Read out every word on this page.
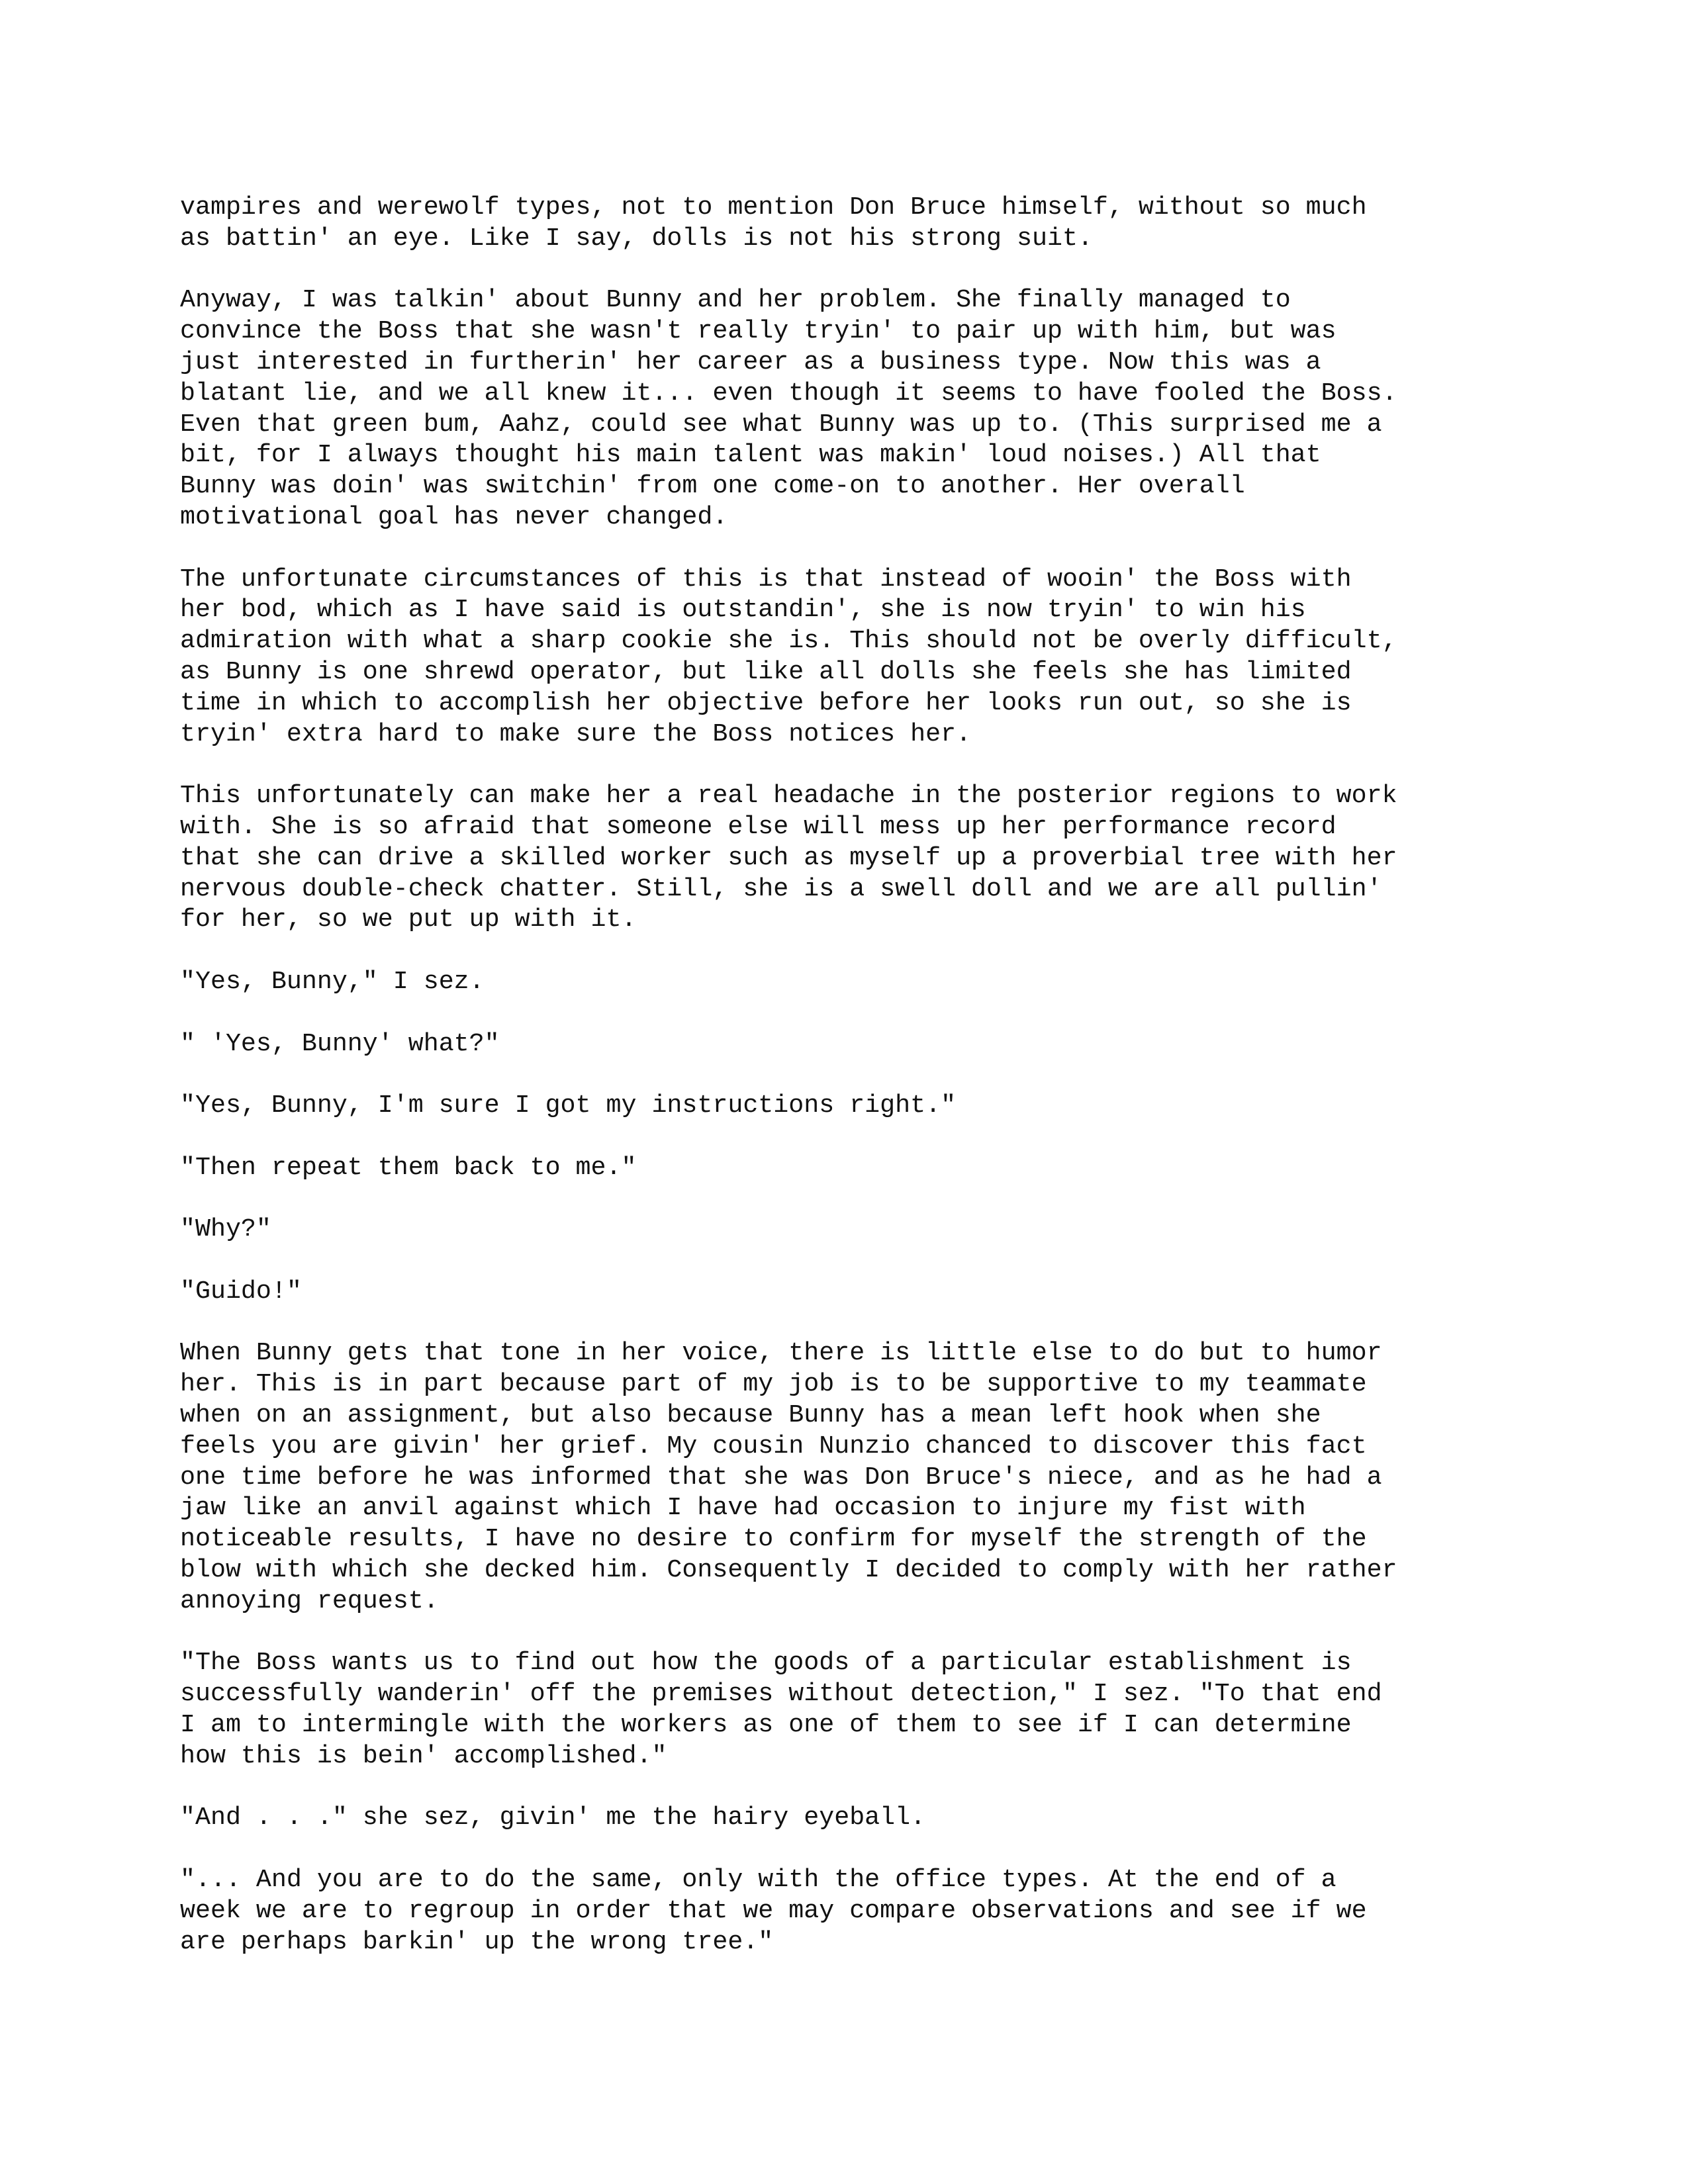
vampires and werewolf types, not to mention Don Bruce himself, without so much
as battin' an eye. Like I say, dolls is not his strong suit.

Anyway, I was talkin' about Bunny and her problem. She finally managed to
convince the Boss that she wasn't really tryin' to pair up with him, but was
just interested in furtherin' her career as a business type. Now this was a
blatant lie, and we all knew it... even though it seems to have fooled the Boss.
Even that green bum, Aahz, could see what Bunny was up to. (This surprised me a
bit, for I always thought his main talent was makin' loud noises.) All that
Bunny was doin' was switchin' from one come-on to another. Her overall
motivational goal has never changed.

The unfortunate circumstances of this is that instead of wooin' the Boss with
her bod, which as I have said is outstandin', she is now tryin' to win his
admiration with what a sharp cookie she is. This should not be overly difficult,
as Bunny is one shrewd operator, but like all dolls she feels she has limited
time in which to accomplish her objective before her looks run out, so she is
tryin' extra hard to make sure the Boss notices her.

This unfortunately can make her a real headache in the posterior regions to work
with. She is so afraid that someone else will mess up her performance record
that she can drive a skilled worker such as myself up a proverbial tree with her
nervous double-check chatter. Still, she is a swell doll and we are all pullin'
for her, so we put up with it.

"Yes, Bunny," I sez.

" 'Yes, Bunny' what?"

"Yes, Bunny, I'm sure I got my instructions right."

"Then repeat them back to me."

"Why?"

"Guido!"

When Bunny gets that tone in her voice, there is little else to do but to humor
her. This is in part because part of my job is to be supportive to my teammate
when on an assignment, but also because Bunny has a mean left hook when she
feels you are givin' her grief. My cousin Nunzio chanced to discover this fact
one time before he was informed that she was Don Bruce's niece, and as he had a
jaw like an anvil against which I have had occasion to injure my fist with
noticeable results, I have no desire to confirm for myself the strength of the
blow with which she decked him. Consequently I decided to comply with her rather
annoying request.

"The Boss wants us to find out how the goods of a particular establishment is
successfully wanderin' off the premises without detection," I sez. "To that end
I am to intermingle with the workers as one of them to see if I can determine
how this is bein' accomplished."

"And . . ." she sez, givin' me the hairy eyeball.

"... And you are to do the same, only with the office types. At the end of a
week we are to regroup in order that we may compare observations and see if we
are perhaps barkin' up the wrong tree."
